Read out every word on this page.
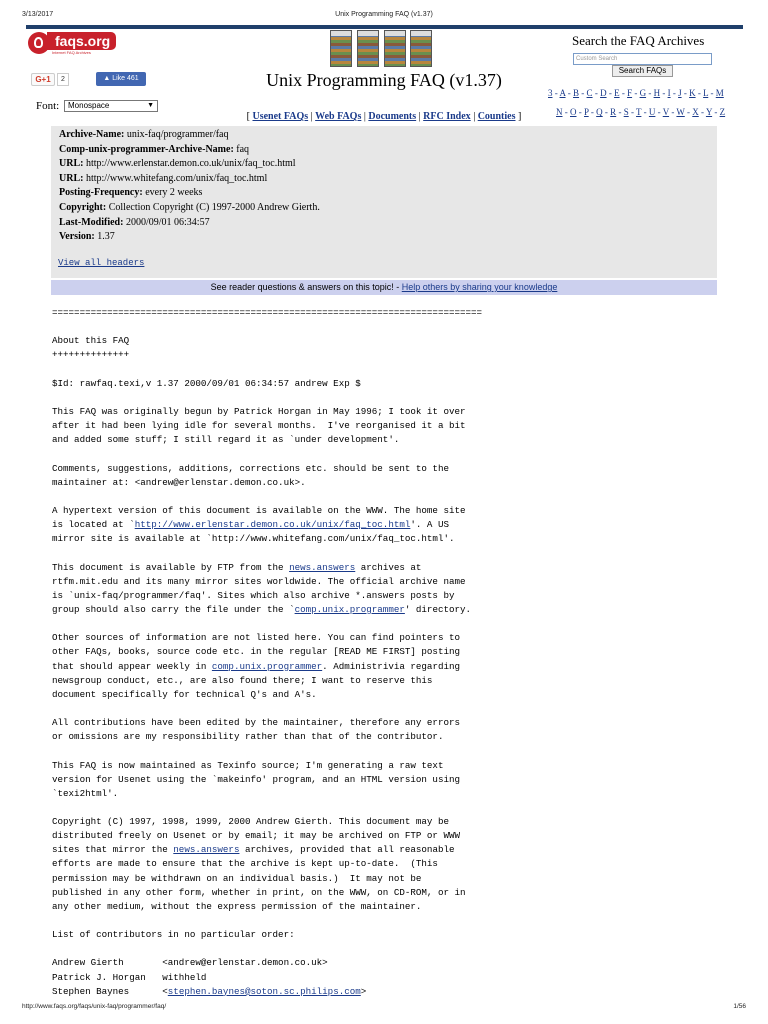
3/13/2017	Unix Programming FAQ (v1.37)
faqs.org
Internet FAQ Archives
G+1	2	▲ Like 461
Font:	Monospace	▼
Unix Programming FAQ (v1.37)
[ Usenet FAQs | Web FAQs | Documents | RFC Index | Counties ]
Search the FAQ Archives
Custom Search
Search FAQs
3 - A - B - C - D - E - F - G - H - I - J - K - L - M
N - O - P - Q - R - S - T - U - V - W - X - Y - Z
Archive-Name: unix-faq/programmer/faq
Comp-unix-programmer-Archive-Name: faq
URL: http://www.erlenstar.demon.co.uk/unix/faq_toc.html
URL: http://www.whitefang.com/unix/faq_toc.html
Posting-Frequency: every 2 weeks
Copyright: Collection Copyright (C) 1997-2000 Andrew Gierth.
Last-Modified: 2000/09/01 06:34:57
Version: 1.37
View all headers
See reader questions & answers on this topic! - Help others by sharing your knowledge
==============================================================================

About this FAQ
++++++++++++++

$Id: rawfaq.texi,v 1.37 2000/09/01 06:34:57 andrew Exp $

This FAQ was originally begun by Patrick Horgan in May 1996; I took it over
after it had been lying idle for several months.  I've reorganised it a bit
and added some stuff; I still regard it as `under development'.

Comments, suggestions, additions, corrections etc. should be sent to the
maintainer at: <andrew@erlenstar.demon.co.uk>.

A hypertext version of this document is available on the WWW. The home site
is located at `http://www.erlenstar.demon.co.uk/unix/faq_toc.html'. A US
mirror site is available at `http://www.whitefang.com/unix/faq_toc.html'.

This document is available by FTP from the news.answers archives at
rtfm.mit.edu and its many mirror sites worldwide. The official archive name
is `unix-faq/programmer/faq'. Sites which also archive *.answers posts by
group should also carry the file under the `comp.unix.programmer' directory.

Other sources of information are not listed here. You can find pointers to
other FAQs, books, source code etc. in the regular [READ ME FIRST] posting
that should appear weekly in comp.unix.programmer. Administrivia regarding
newsgroup conduct, etc., are also found there; I want to reserve this
document specifically for technical Q's and A's.

All contributions have been edited by the maintainer, therefore any errors
or omissions are my responsibility rather than that of the contributor.

This FAQ is now maintained as Texinfo source; I'm generating a raw text
version for Usenet using the `makeinfo' program, and an HTML version using
`texi2html'.

Copyright (C) 1997, 1998, 1999, 2000 Andrew Gierth. This document may be
distributed freely on Usenet or by email; it may be archived on FTP or WWW
sites that mirror the news.answers archives, provided that all reasonable
efforts are made to ensure that the archive is kept up-to-date.  (This
permission may be withdrawn on an individual basis.)  It may not be
published in any other form, whether in print, on the WWW, on CD-ROM, or in
any other medium, without the express permission of the maintainer.

List of contributors in no particular order:

Andrew Gierth       <andrew@erlenstar.demon.co.uk>
Patrick J. Horgan   withheld
Stephen Baynes      <stephen.baynes@soton.sc.philips.com>
http://www.faqs.org/faqs/unix-faq/programmer/faq/	1/56
